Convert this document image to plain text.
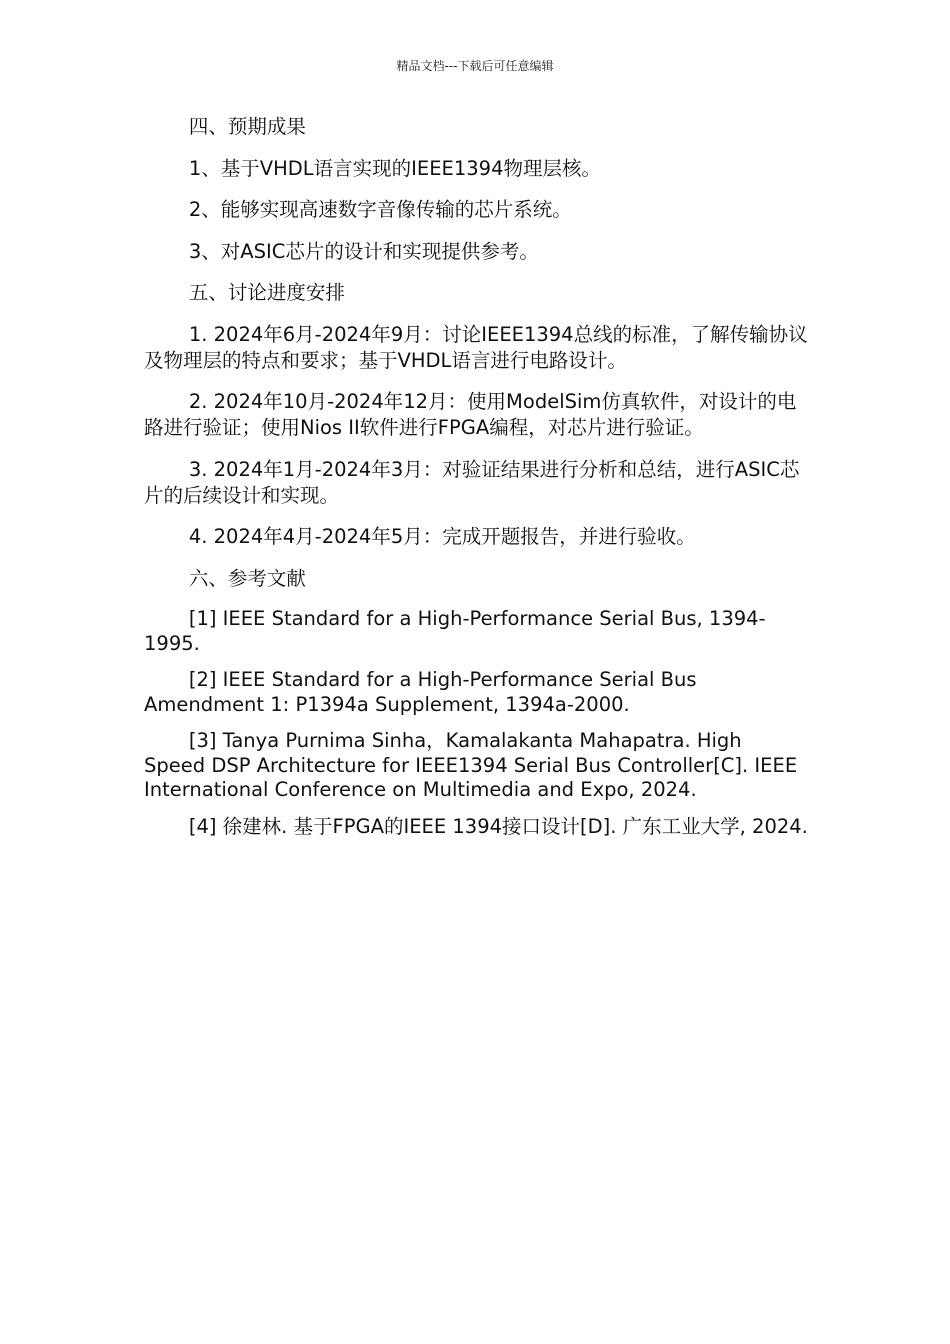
精品文档---下载后可任意编辑

四、预期成果

1、基于VHDL语言实现的IEEE1394物理层核。

2、能够实现高速数字音像传输的芯片系统。

3、对ASIC芯片的设计和实现提供参考。

五、讨论进度安排

1. 2024年6月-2024年9月：讨论IEEE1394总线的标准，了解传输协议及物理层的特点和要求；基于VHDL语言进行电路设计。

2. 2024年10月-2024年12月：使用ModelSim仿真软件，对设计的电路进行验证；使用Nios II软件进行FPGA编程，对芯片进行验证。

3. 2024年1月-2024年3月：对验证结果进行分析和总结，进行ASIC芯片的后续设计和实现。

4. 2024年4月-2024年5月：完成开题报告，并进行验收。

六、参考文献

[1] IEEE Standard for a High-Performance Serial Bus, 1394-1995.

[2] IEEE Standard for a High-Performance Serial Bus Amendment 1: P1394a Supplement, 1394a-2000.

[3] Tanya Purnima Sinha，Kamalakanta Mahapatra. High Speed DSP Architecture for IEEE1394 Serial Bus Controller[C]. IEEE International Conference on Multimedia and Expo, 2024.

[4] 徐建林. 基于FPGA的IEEE 1394接口设计[D]. 广东工业大学, 2024.
